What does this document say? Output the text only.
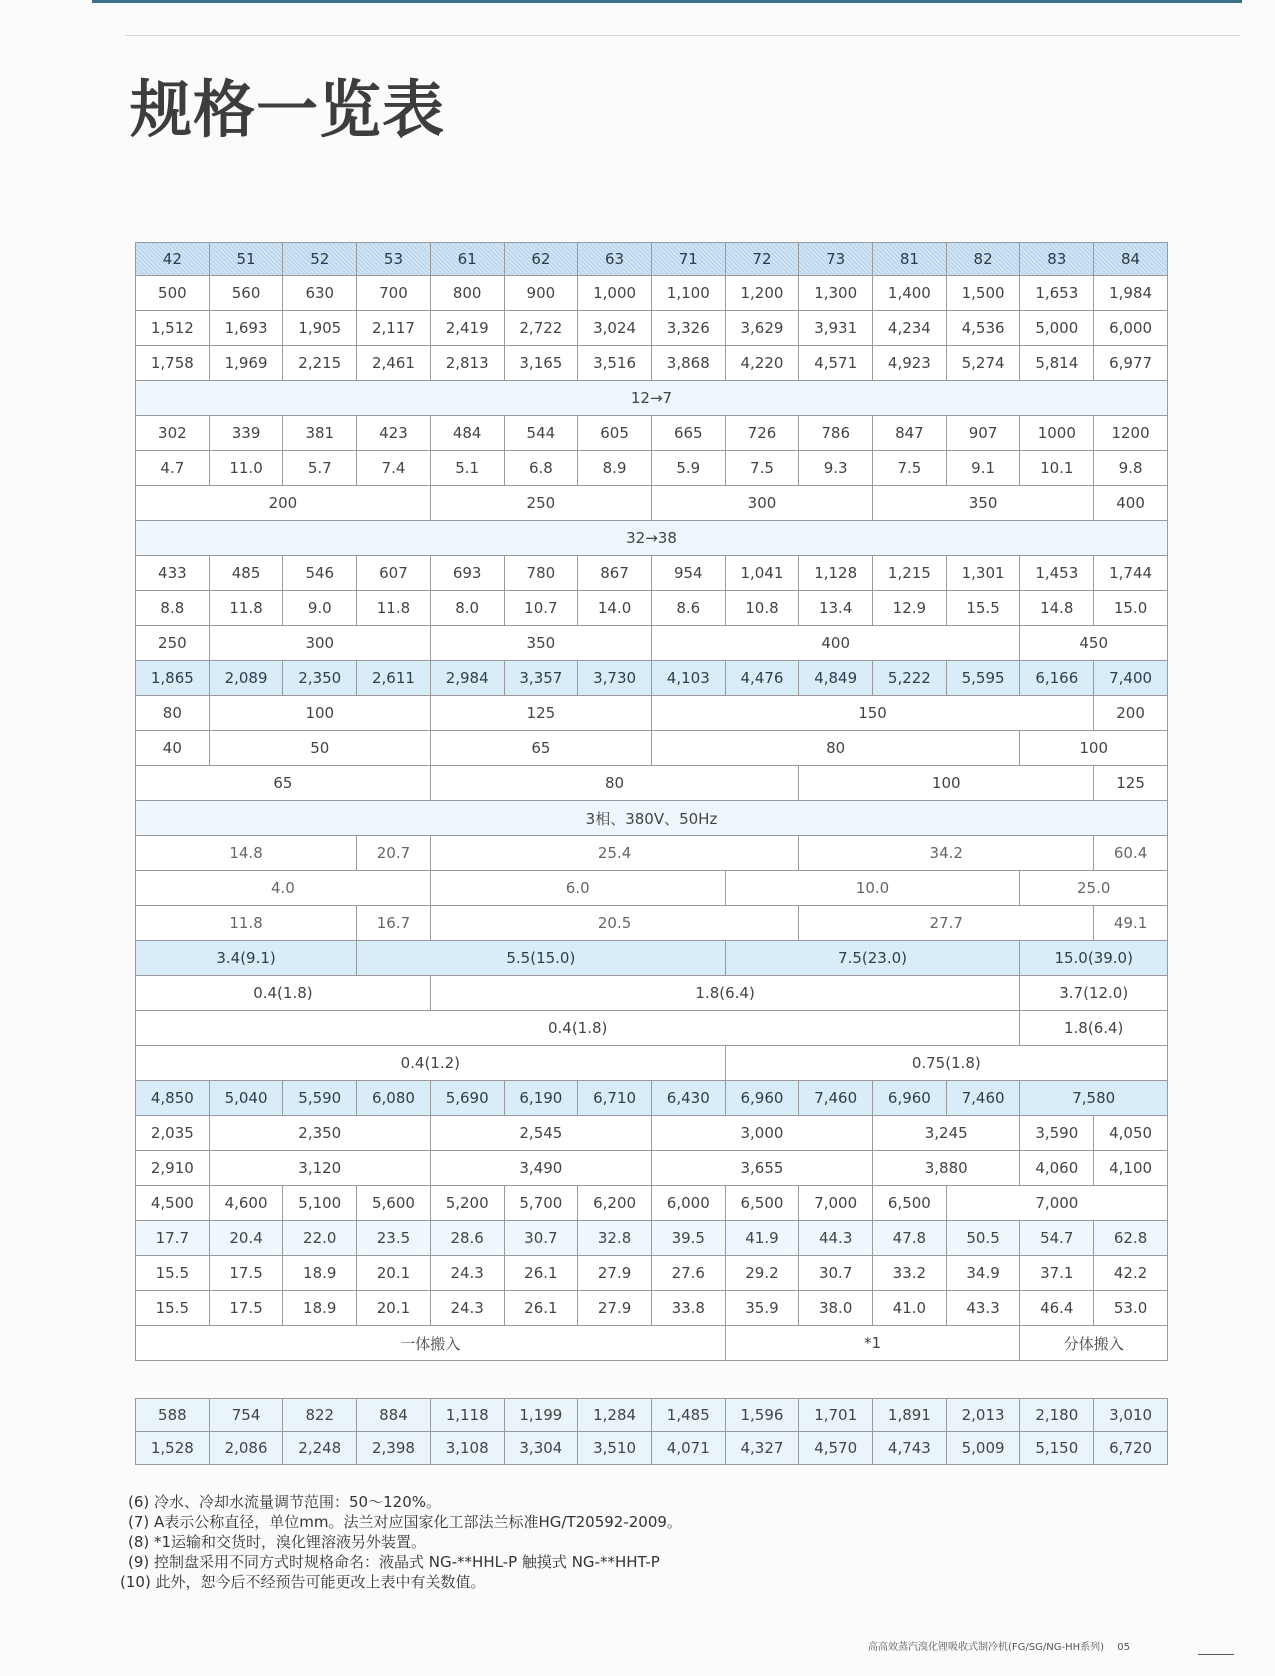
规格一览表
42	51	52	53	61	62	63	71	72	73	81	82	83	84
500	560	630	700	800	900	1,000	1,100	1,200	1,300	1,400	1,500	1,653	1,984
1,512	1,693	1,905	2,117	2,419	2,722	3,024	3,326	3,629	3,931	4,234	4,536	5,000	6,000
1,758	1,969	2,215	2,461	2,813	3,165	3,516	3,868	4,220	4,571	4,923	5,274	5,814	6,977
12→7													
302	339	381	423	484	544	605	665	726	786	847	907	1000	1200
4.7	11.0	5.7	7.4	5.1	6.8	8.9	5.9	7.5	9.3	7.5	9.1	10.1	9.8
200				250			300			350			400
32→38													
433	485	546	607	693	780	867	954	1,041	1,128	1,215	1,301	1,453	1,744
8.8	11.8	9.0	11.8	8.0	10.7	14.0	8.6	10.8	13.4	12.9	15.5	14.8	15.0
250	300			350			400					450	
1,865	2,089	2,350	2,611	2,984	3,357	3,730	4,103	4,476	4,849	5,222	5,595	6,166	7,400
80	100			125			150						200
40	50			65			80					100	
65				80					100				125
3相、380V、50Hz													
14.8			20.7	25.4					34.2				60.4
4.0				6.0				10.0				25.0	
11.8			16.7	20.5					27.7				49.1
3.4(9.1)			5.5(15.0)					7.5(23.0)				15.0(39.0)	
0.4(1.8)				1.8(6.4)								3.7(12.0)	
0.4(1.8)												1.8(6.4)	
0.4(1.2)								0.75(1.8)					
4,850	5,040	5,590	6,080	5,690	6,190	6,710	6,430	6,960	7,460	6,960	7,460	7,580	
2,035	2,350			2,545			3,000			3,245		3,590	4,050
2,910	3,120			3,490			3,655			3,880		4,060	4,100
4,500	4,600	5,100	5,600	5,200	5,700	6,200	6,000	6,500	7,000	6,500	7,000		
17.7	20.4	22.0	23.5	28.6	30.7	32.8	39.5	41.9	44.3	47.8	50.5	54.7	62.8
15.5	17.5	18.9	20.1	24.3	26.1	27.9	27.6	29.2	30.7	33.2	34.9	37.1	42.2
15.5	17.5	18.9	20.1	24.3	26.1	27.9	33.8	35.9	38.0	41.0	43.3	46.4	53.0
一体搬入								*1				分体搬入	
588	754	822	884	1,118	1,199	1,284	1,485	1,596	1,701	1,891	2,013	2,180	3,010
1,528	2,086	2,248	2,398	3,108	3,304	3,510	4,071	4,327	4,570	4,743	5,009	5,150	6,720
(6) 冷水、冷却水流量调节范围：50～120%。
(7) A表示公称直径，单位mm。法兰对应国家化工部法兰标准HG/T20592-2009。
(8) *1运输和交货时，溴化锂溶液另外装置。
(9) 控制盘采用不同方式时规格命名：液晶式 NG-**HHL-P 触摸式 NG-**HHT-P
(10) 此外，恕今后不经预告可能更改上表中有关数值。
高高效蒸汽溴化锂吸收式制冷机(FG/SG/NG-HH系列) 05
